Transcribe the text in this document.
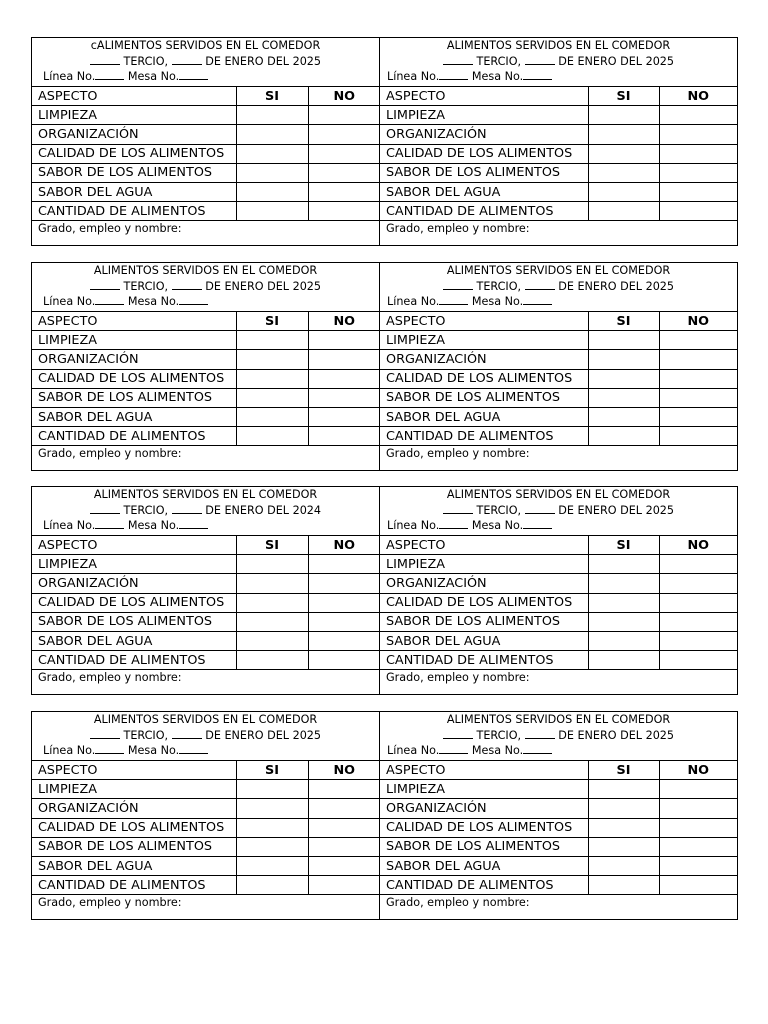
cALIMENTOS SERVIDOS EN EL COMEDOR
TERCIO,	DE ENERO DEL 2025
Línea No.	Mesa No.
ASPECTO	SI	NO
LIMPIEZA		
ORGANIZACIÓN		
CALIDAD DE LOS ALIMENTOS		
SABOR DE LOS ALIMENTOS		
SABOR DEL AGUA		
CANTIDAD DE ALIMENTOS		
Grado, empleo y nombre:		
ALIMENTOS SERVIDOS EN EL COMEDOR
TERCIO,	DE ENERO DEL 2025
Línea No.	Mesa No.
ASPECTO	SI	NO
LIMPIEZA		
ORGANIZACIÓN		
CALIDAD DE LOS ALIMENTOS		
SABOR DE LOS ALIMENTOS		
SABOR DEL AGUA		
CANTIDAD DE ALIMENTOS		
Grado, empleo y nombre:		
ALIMENTOS SERVIDOS EN EL COMEDOR
TERCIO,	DE ENERO DEL 2025
Línea No.	Mesa No.
ASPECTO	SI	NO
LIMPIEZA		
ORGANIZACIÓN		
CALIDAD DE LOS ALIMENTOS		
SABOR DE LOS ALIMENTOS		
SABOR DEL AGUA		
CANTIDAD DE ALIMENTOS		
Grado, empleo y nombre:		
ALIMENTOS SERVIDOS EN EL COMEDOR
TERCIO,	DE ENERO DEL 2025
Línea No.	Mesa No.
ASPECTO	SI	NO
LIMPIEZA		
ORGANIZACIÓN		
CALIDAD DE LOS ALIMENTOS		
SABOR DE LOS ALIMENTOS		
SABOR DEL AGUA		
CANTIDAD DE ALIMENTOS		
Grado, empleo y nombre:		
ALIMENTOS SERVIDOS EN EL COMEDOR
TERCIO,	DE ENERO DEL 2024
Línea No.	Mesa No.
ASPECTO	SI	NO
LIMPIEZA		
ORGANIZACIÓN		
CALIDAD DE LOS ALIMENTOS		
SABOR DE LOS ALIMENTOS		
SABOR DEL AGUA		
CANTIDAD DE ALIMENTOS		
Grado, empleo y nombre:		
ALIMENTOS SERVIDOS EN EL COMEDOR
TERCIO,	DE ENERO DEL 2025
Línea No.	Mesa No.
ASPECTO	SI	NO
LIMPIEZA		
ORGANIZACIÓN		
CALIDAD DE LOS ALIMENTOS		
SABOR DE LOS ALIMENTOS		
SABOR DEL AGUA		
CANTIDAD DE ALIMENTOS		
Grado, empleo y nombre:		
ALIMENTOS SERVIDOS EN EL COMEDOR
TERCIO,	DE ENERO DEL 2025
Línea No.	Mesa No.
ASPECTO	SI	NO
LIMPIEZA		
ORGANIZACIÓN		
CALIDAD DE LOS ALIMENTOS		
SABOR DE LOS ALIMENTOS		
SABOR DEL AGUA		
CANTIDAD DE ALIMENTOS		
Grado, empleo y nombre:		
ALIMENTOS SERVIDOS EN EL COMEDOR
TERCIO,	DE ENERO DEL 2025
Línea No.	Mesa No.
ASPECTO	SI	NO
LIMPIEZA		
ORGANIZACIÓN		
CALIDAD DE LOS ALIMENTOS		
SABOR DE LOS ALIMENTOS		
SABOR DEL AGUA		
CANTIDAD DE ALIMENTOS		
Grado, empleo y nombre:		
